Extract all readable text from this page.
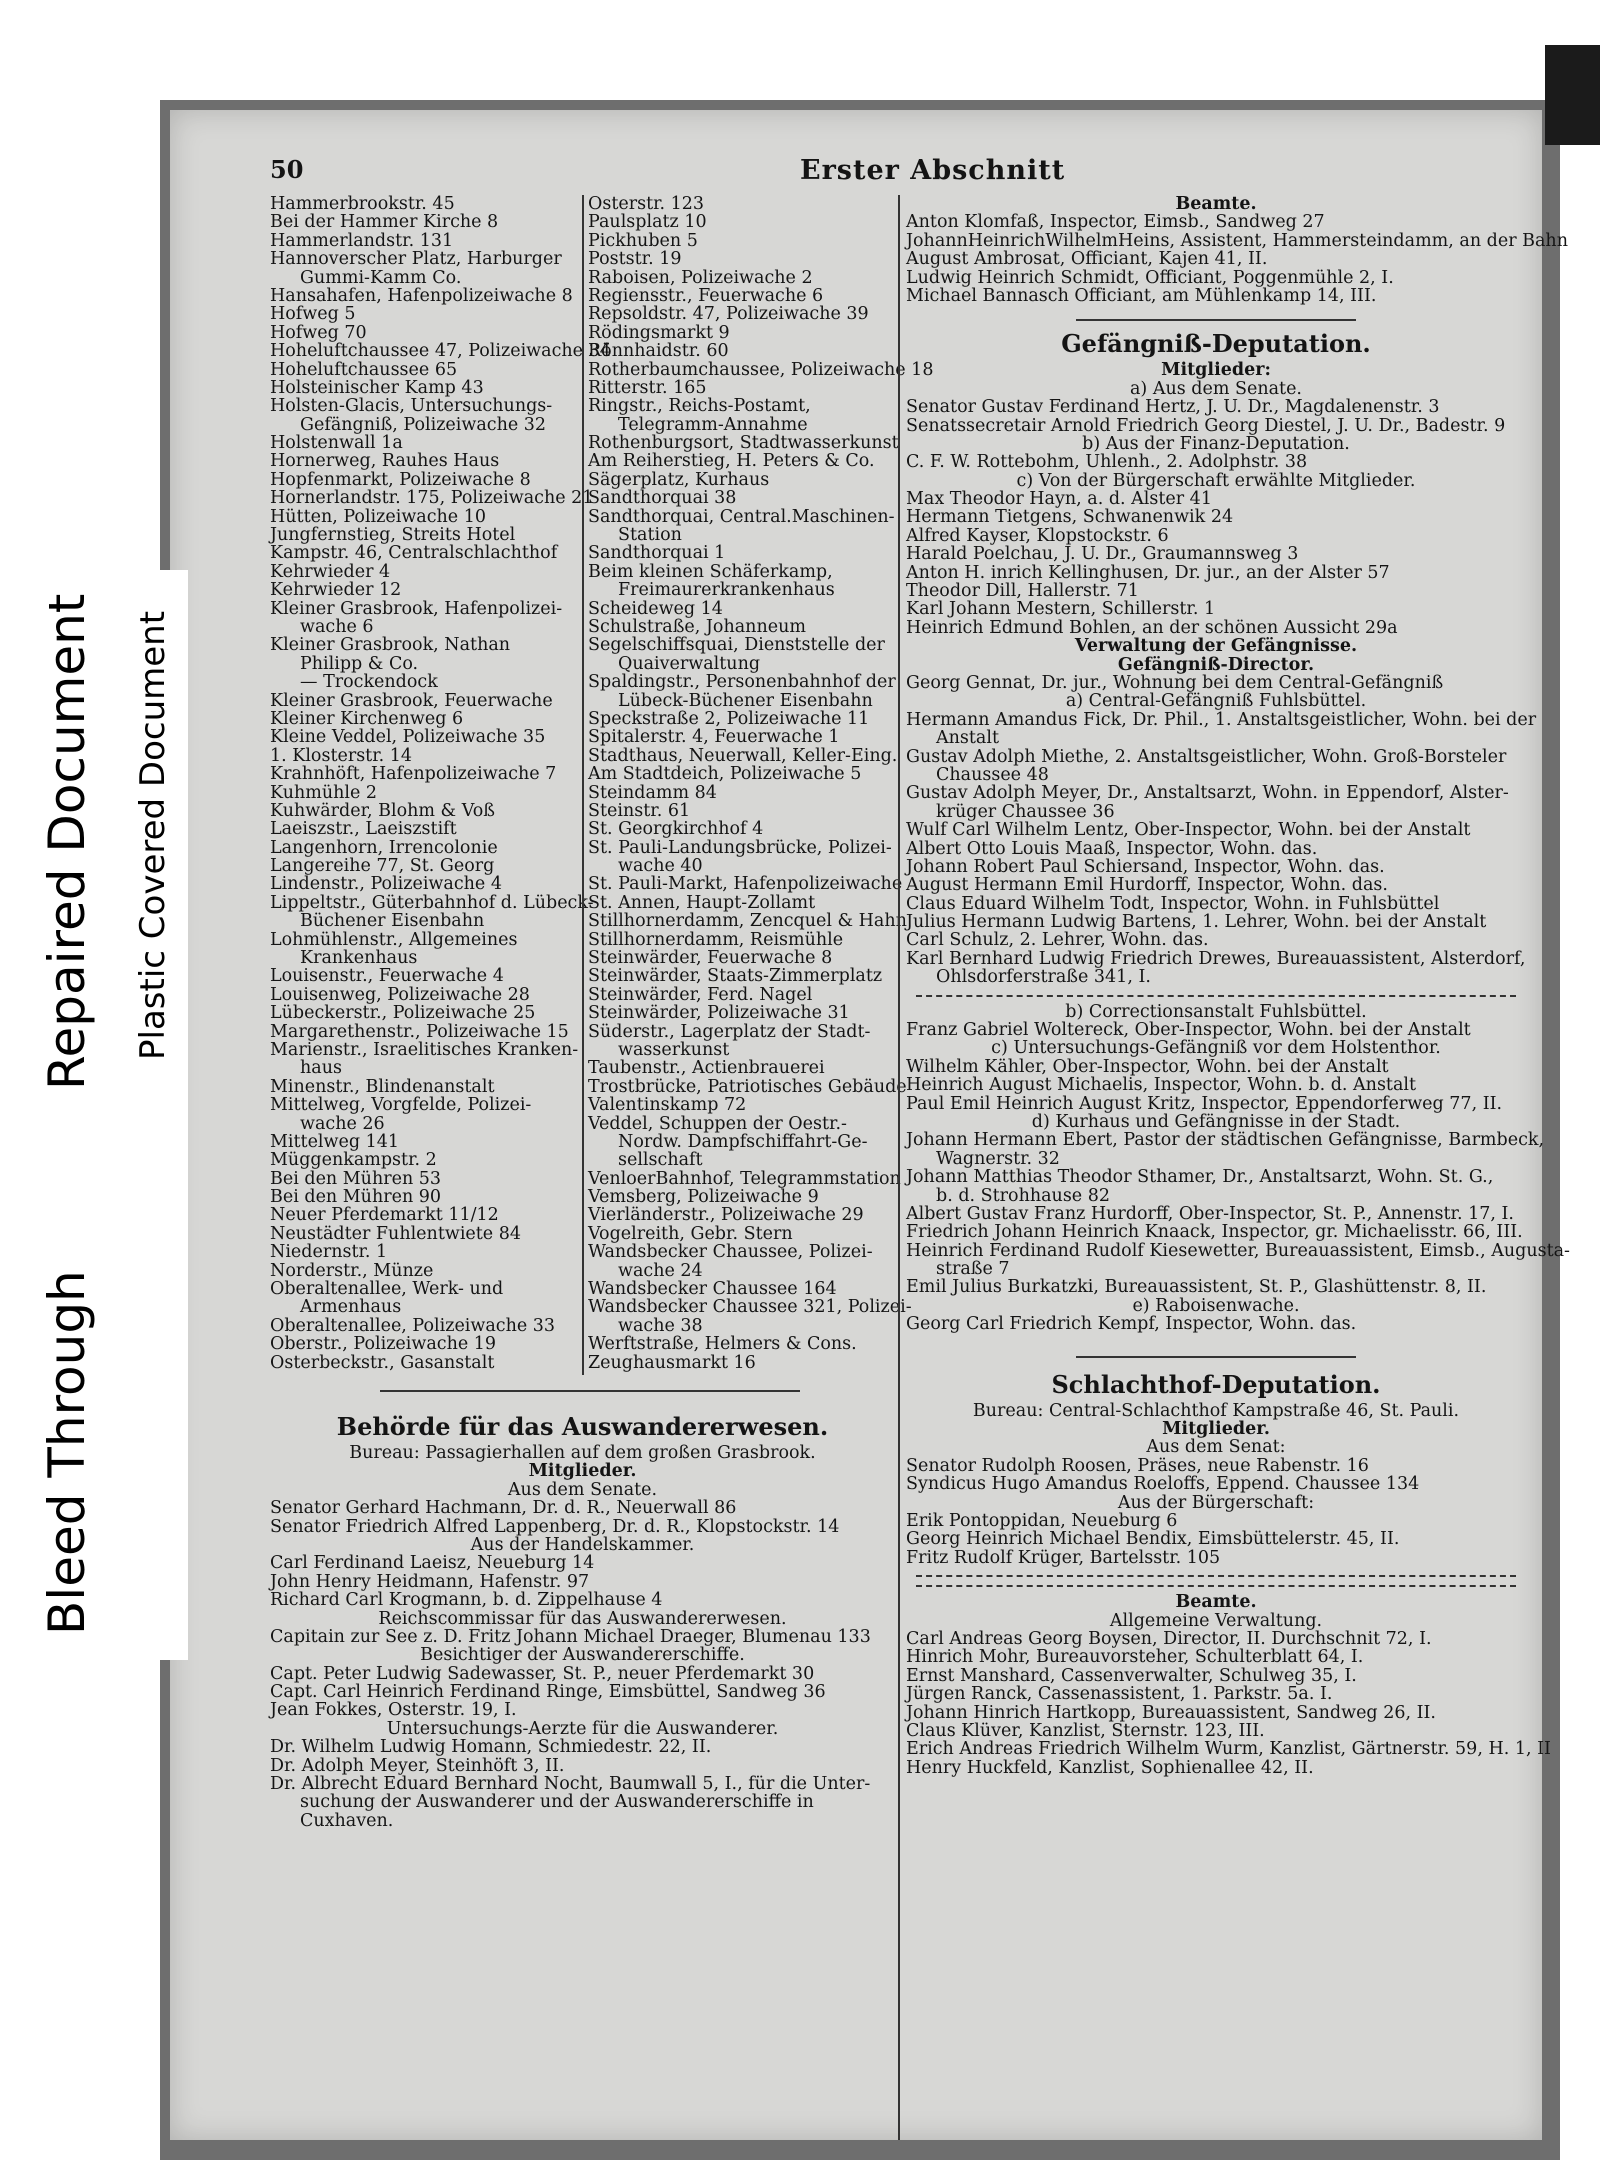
Bleed Through
Repaired Document Plastic Covered Document
50	Erster Abschnitt
Hammerbrookstr. 45
Bei der Hammer Kirche 8
Hammerlandstr. 131
Hannoverscher Platz, Harburger
Gummi-Kamm Co.
Hansahafen, Hafenpolizeiwache 8
Hofweg 5
Hofweg 70
Hoheluftchaussee 47, Polizeiwache 34
Hoheluftchaussee 65
Holsteinischer Kamp 43
Holsten-Glacis, Untersuchungs-
Gefängniß, Polizeiwache 32
Holstenwall 1a
Hornerweg, Rauhes Haus
Hopfenmarkt, Polizeiwache 8
Hornerlandstr. 175, Polizeiwache 21
Hütten, Polizeiwache 10
Jungfernstieg, Streits Hotel
Kampstr. 46, Centralschlachthof
Kehrwieder 4
Kehrwieder 12
Kleiner Grasbrook, Hafenpolizei-
wache 6
Kleiner Grasbrook, Nathan
Philipp & Co.
— Trockendock
Kleiner Grasbrook, Feuerwache
Kleiner Kirchenweg 6
Kleine Veddel, Polizeiwache 35
1. Klosterstr. 14
Krahnhöft, Hafenpolizeiwache 7
Kuhmühle 2
Kuhwärder, Blohm & Voß
Laeiszstr., Laeiszstift
Langenhorn, Irrencolonie
Langereihe 77, St. Georg
Lindenstr., Polizeiwache 4
Lippeltstr., Güterbahnhof d. Lübeck-
Büchener Eisenbahn
Lohmühlenstr., Allgemeines
Krankenhaus
Louisenstr., Feuerwache 4
Louisenweg, Polizeiwache 28
Lübeckerstr., Polizeiwache 25
Margarethenstr., Polizeiwache 15
Marienstr., Israelitisches Kranken-
haus
Minenstr., Blindenanstalt
Mittelweg, Vorgfelde, Polizei-
wache 26
Mittelweg 141
Müggenkampstr. 2
Bei den Mühren 53
Bei den Mühren 90
Neuer Pferdemarkt 11/12
Neustädter Fuhlentwiete 84
Niedernstr. 1
Norderstr., Münze
Oberaltenallee, Werk- und
Armenhaus
Oberaltenallee, Polizeiwache 33
Oberstr., Polizeiwache 19
Osterbeckstr., Gasanstalt
Osterstr. 123
Paulsplatz 10
Pickhuben 5
Poststr. 19
Raboisen, Polizeiwache 2
Regiensstr., Feuerwache 6
Repsoldstr. 47, Polizeiwache 39
Rödingsmarkt 9
Rönnhaidstr. 60
Rotherbaumchaussee, Polizeiwache 18
Ritterstr. 165
Ringstr., Reichs-Postamt,
Telegramm-Annahme
Rothenburgsort, Stadtwasserkunst
Am Reiherstieg, H. Peters & Co.
Sägerplatz, Kurhaus
Sandthorquai 38
Sandthorquai, Central.Maschinen-
Station
Sandthorquai 1
Beim kleinen Schäferkamp,
Freimaurerkrankenhaus
Scheideweg 14
Schulstraße, Johanneum
Segelschiffsquai, Dienststelle der
Quaiverwaltung
Spaldingstr., Personenbahnhof der
Lübeck-Büchener Eisenbahn
Speckstraße 2, Polizeiwache 11
Spitalerstr. 4, Feuerwache 1
Stadthaus, Neuerwall, Keller-Eing.
Am Stadtdeich, Polizeiwache 5
Steindamm 84
Steinstr. 61
St. Georgkirchhof 4
St. Pauli-Landungsbrücke, Polizei-
wache 40
St. Pauli-Markt, Hafenpolizeiwache
St. Annen, Haupt-Zollamt
Stillhornerdamm, Zencquel & Hahn
Stillhornerdamm, Reismühle
Steinwärder, Feuerwache 8
Steinwärder, Staats-Zimmerplatz
Steinwärder, Ferd. Nagel
Steinwärder, Polizeiwache 31
Süderstr., Lagerplatz der Stadt-
wasserkunst
Taubenstr., Actienbrauerei
Trostbrücke, Patriotisches Gebäude
Valentinskamp 72
Veddel, Schuppen der Oestr.-
Nordw. Dampfschiffahrt-Ge-
sellschaft
VenloerBahnhof, Telegrammstation
Vemsberg, Polizeiwache 9
Vierländerstr., Polizeiwache 29
Vogelreith, Gebr. Stern
Wandsbecker Chaussee, Polizei-
wache 24
Wandsbecker Chaussee 164
Wandsbecker Chaussee 321, Polizei-
wache 38
Werftstraße, Helmers & Cons.
Zeughausmarkt 16
Beamte.
Anton Klomfaß, Inspector, Eimsb., Sandweg 27
JohannHeinrichWilhelmHeins, Assistent, Hammersteindamm, an der Bahn
August Ambrosat, Officiant, Kajen 41, II.
Ludwig Heinrich Schmidt, Officiant, Poggenmühle 2, I.
Michael Bannasch Officiant, am Mühlenkamp 14, III.
Gefängniß-Deputation.
Mitglieder:
a) Aus dem Senate.
Senator Gustav Ferdinand Hertz, J. U. Dr., Magdalenenstr. 3
Senatssecretair Arnold Friedrich Georg Diestel, J. U. Dr., Badestr. 9
b) Aus der Finanz-Deputation.
C. F. W. Rottebohm, Uhlenh., 2. Adolphstr. 38
c) Von der Bürgerschaft erwählte Mitglieder.
Max Theodor Hayn, a. d. Alster 41
Hermann Tietgens, Schwanenwik 24
Alfred Kayser, Klopstockstr. 6
Harald Poelchau, J. U. Dr., Graumannsweg 3
Anton H. inrich Kellinghusen, Dr. jur., an der Alster 57
Theodor Dill, Hallerstr. 71
Karl Johann Mestern, Schillerstr. 1
Heinrich Edmund Bohlen, an der schönen Aussicht 29a
Verwaltung der Gefängnisse.
Gefängniß-Director.
Georg Gennat, Dr. jur., Wohnung bei dem Central-Gefängniß
a) Central-Gefängniß Fuhlsbüttel.
Hermann Amandus Fick, Dr. Phil., 1. Anstaltsgeistlicher, Wohn. bei der
Anstalt
Gustav Adolph Miethe, 2. Anstaltsgeistlicher, Wohn. Groß-Borsteler
Chaussee 48
Gustav Adolph Meyer, Dr., Anstaltsarzt, Wohn. in Eppendorf, Alster-
krüger Chaussee 36
Wulf Carl Wilhelm Lentz, Ober-Inspector, Wohn. bei der Anstalt
Albert Otto Louis Maaß, Inspector, Wohn. das.
Johann Robert Paul Schiersand, Inspector, Wohn. das.
August Hermann Emil Hurdorff, Inspector, Wohn. das.
Claus Eduard Wilhelm Todt, Inspector, Wohn. in Fuhlsbüttel
Julius Hermann Ludwig Bartens, 1. Lehrer, Wohn. bei der Anstalt
Carl Schulz, 2. Lehrer, Wohn. das.
Karl Bernhard Ludwig Friedrich Drewes, Bureauassistent, Alsterdorf,
Ohlsdorferstraße 341, I.
b) Correctionsanstalt Fuhlsbüttel.
Franz Gabriel Woltereck, Ober-Inspector, Wohn. bei der Anstalt
c) Untersuchungs-Gefängniß vor dem Holstenthor.
Wilhelm Kähler, Ober-Inspector, Wohn. bei der Anstalt
Heinrich August Michaelis, Inspector, Wohn. b. d. Anstalt
Paul Emil Heinrich August Kritz, Inspector, Eppendorferweg 77, II.
d) Kurhaus und Gefängnisse in der Stadt.
Johann Hermann Ebert, Pastor der städtischen Gefängnisse, Barmbeck,
Wagnerstr. 32
Johann Matthias Theodor Sthamer, Dr., Anstaltsarzt, Wohn. St. G.,
b. d. Strohhause 82
Albert Gustav Franz Hurdorff, Ober-Inspector, St. P., Annenstr. 17, I.
Friedrich Johann Heinrich Knaack, Inspector, gr. Michaelisstr. 66, III.
Heinrich Ferdinand Rudolf Kiesewetter, Bureauassistent, Eimsb., Augusta-
straße 7
Emil Julius Burkatzki, Bureauassistent, St. P., Glashüttenstr. 8, II.
e) Raboisenwache.
Georg Carl Friedrich Kempf, Inspector, Wohn. das.
Schlachthof-Deputation.
Bureau: Central-Schlachthof Kampstraße 46, St. Pauli.
Mitglieder.
Aus dem Senat:
Senator Rudolph Roosen, Präses, neue Rabenstr. 16
Syndicus Hugo Amandus Roeloffs, Eppend. Chaussee 134
Aus der Bürgerschaft:
Erik Pontoppidan, Neueburg 6
Georg Heinrich Michael Bendix, Eimsbüttelerstr. 45, II.
Fritz Rudolf Krüger, Bartelsstr. 105
Beamte.
Allgemeine Verwaltung.
Carl Andreas Georg Boysen, Director, II. Durchschnit 72, I.
Hinrich Mohr, Bureauvorsteher, Schulterblatt 64, I.
Ernst Manshard, Cassenverwalter, Schulweg 35, I.
Jürgen Ranck, Cassenassistent, 1. Parkstr. 5a. I.
Johann Hinrich Hartkopp, Bureauassistent, Sandweg 26, II.
Claus Klüver, Kanzlist, Sternstr. 123, III.
Erich Andreas Friedrich Wilhelm Wurm, Kanzlist, Gärtnerstr. 59, H. 1, II
Henry Huckfeld, Kanzlist, Sophienallee 42, II.
Behörde für das Auswandererwesen.
Bureau: Passagierhallen auf dem großen Grasbrook.
Mitglieder.
Aus dem Senate.
Senator Gerhard Hachmann, Dr. d. R., Neuerwall 86
Senator Friedrich Alfred Lappenberg, Dr. d. R., Klopstockstr. 14
Aus der Handelskammer.
Carl Ferdinand Laeisz, Neueburg 14
John Henry Heidmann, Hafenstr. 97
Richard Carl Krogmann, b. d. Zippelhause 4
Reichscommissar für das Auswandererwesen.
Capitain zur See z. D. Fritz Johann Michael Draeger, Blumenau 133
Besichtiger der Auswandererschiffe.
Capt. Peter Ludwig Sadewasser, St. P., neuer Pferdemarkt 30
Capt. Carl Heinrich Ferdinand Ringe, Eimsbüttel, Sandweg 36
Jean Fokkes, Osterstr. 19, I.
Untersuchungs-Aerzte für die Auswanderer.
Dr. Wilhelm Ludwig Homann, Schmiedestr. 22, II.
Dr. Adolph Meyer, Steinhöft 3, II.
Dr. Albrecht Eduard Bernhard Nocht, Baumwall 5, I., für die Unter-
suchung der Auswanderer und der Auswandererschiffe in
Cuxhaven.
